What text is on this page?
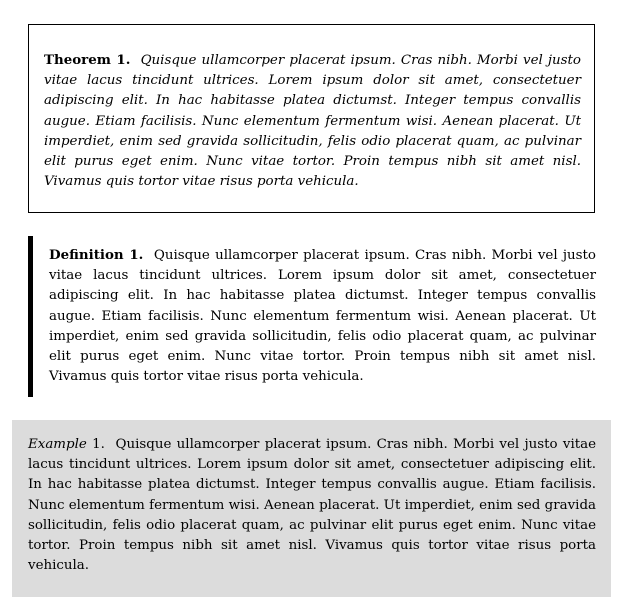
Theorem 1. Quisque ullamcorper placerat ipsum. Cras nibh. Morbi vel justo vitae lacus tincidunt ultrices. Lorem ipsum dolor sit amet, consectetuer adipiscing elit. In hac habitasse platea dictumst. Integer tempus convallis augue. Etiam facilisis. Nunc elementum fermentum wisi. Aenean placerat. Ut imperdiet, enim sed gravida sollicitudin, felis odio placerat quam, ac pulvinar elit purus eget enim. Nunc vitae tortor. Proin tempus nibh sit amet nisl. Vivamus quis tortor vitae risus porta vehicula.

Definition 1. Quisque ullamcorper placerat ipsum. Cras nibh. Morbi vel justo vitae lacus tincidunt ultrices. Lorem ipsum dolor sit amet, consectetuer adipiscing elit. In hac habitasse platea dictumst. Integer tempus convallis augue. Etiam facilisis. Nunc elementum fermentum wisi. Aenean placerat. Ut imperdiet, enim sed gravida sollicitudin, felis odio placerat quam, ac pulvinar elit purus eget enim. Nunc vitae tortor. Proin tempus nibh sit amet nisl. Vivamus quis tortor vitae risus porta vehicula.

Example 1. Quisque ullamcorper placerat ipsum. Cras nibh. Morbi vel justo vitae lacus tincidunt ultrices. Lorem ipsum dolor sit amet, consectetuer adipiscing elit. In hac habitasse platea dictumst. Integer tempus convallis augue. Etiam facilisis. Nunc elementum fermentum wisi. Aenean placerat. Ut imperdiet, enim sed gravida sollicitudin, felis odio placerat quam, ac pulvinar elit purus eget enim. Nunc vitae tortor. Proin tempus nibh sit amet nisl. Vivamus quis tortor vitae risus porta vehicula.
